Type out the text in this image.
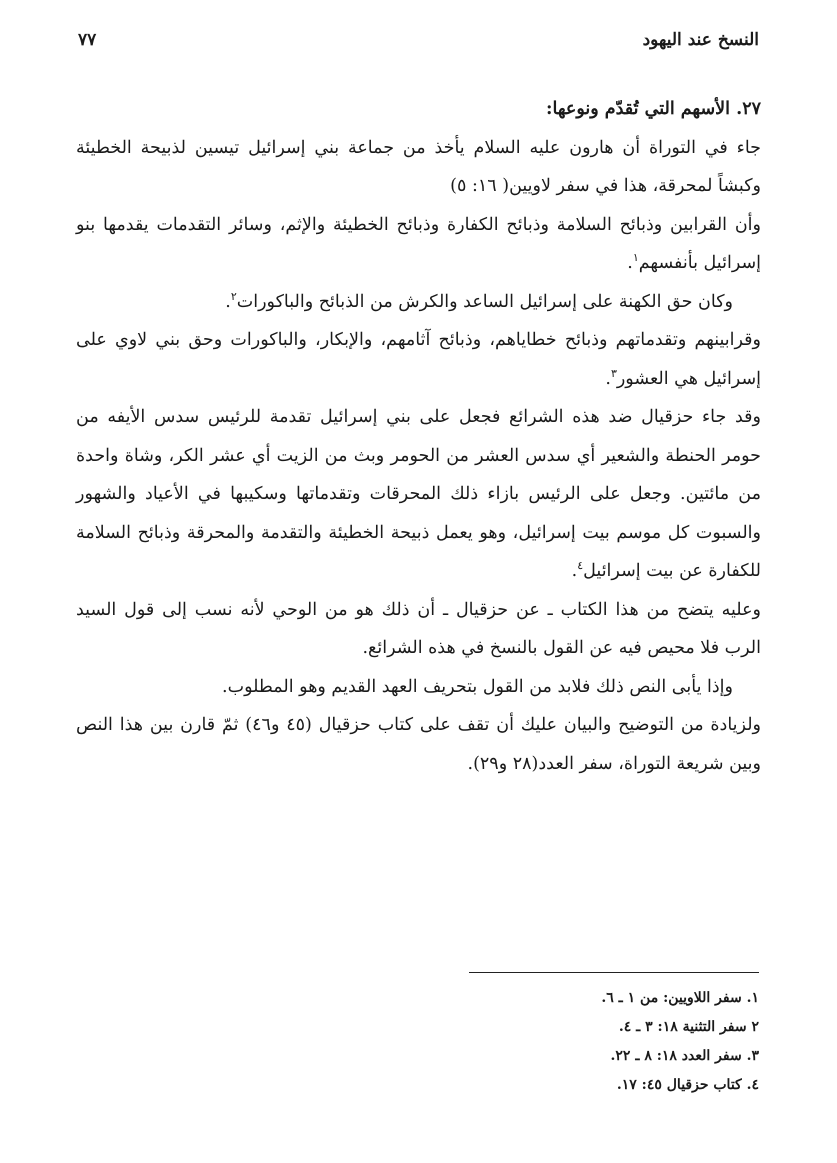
النسخ عند اليهود
٧٧

٢٧. الأسهم التي تُقدّم ونوعها:

جاء في التوراة أن هارون عليه السلام يأخذ من جماعة بني إسرائيل تيسين لذبيحة الخطيئة وكبشاً لمحرقة، هذا في سفر لاويين( ١٦: ٥)

وأن القرابين وذبائح السلامة وذبائح الكفارة وذبائح الخطيئة والإثم، وسائر التقدمات يقدمها بنو إسرائيل بأنفسهم$^١$.

وكان حق الكهنة على إسرائيل الساعد والكرش من الذبائح والباكورات$^٢$.

وقرابينهم وتقدماتهم وذبائح خطاياهم، وذبائح آثامهم، والإبكار، والباكورات وحق بني لاوي على إسرائيل هي العشور$^٣$.

وقد جاء حزقيال ضد هذه الشرائع فجعل على بني إسرائيل تقدمة للرئيس سدس الأيفه من حومر الحنطة والشعير أي سدس العشر من الحومر وبث من الزيت أي عشر الكر، وشاة واحدة من مائتين. وجعل على الرئيس بازاء ذلك المحرقات وتقدماتها وسكيبها في الأعياد والشهور والسبوت كل موسم بيت إسرائيل، وهو يعمل ذبيحة الخطيئة والتقدمة والمحرقة وذبائح السلامة للكفارة عن بيت إسرائيل$^٤$.

وعليه يتضح من هذا الكتاب ـ عن حزقيال ـ أن ذلك هو من الوحي لأنه نسب إلى قول السيد الرب فلا محيص فيه عن القول بالنسخ في هذه الشرائع.

وإذا يأبى النص ذلك فلابد من القول بتحريف العهد القديم وهو المطلوب.

ولزيادة من التوضيح والبيان عليك أن تقف على كتاب حزقيال (٤٥ و٤٦) ثمّ قارن بين هذا النص وبين شريعة التوراة، سفر العدد(٢٨ و٢٩).

١. سفر اللاويين: من ١ ـ ٦.
٢ سفر التثنية ١٨: ٣ ـ ٤.
٣. سفر العدد ١٨: ٨ ـ ٢٢.
٤. كتاب حزقيال ٤٥: ١٧.
